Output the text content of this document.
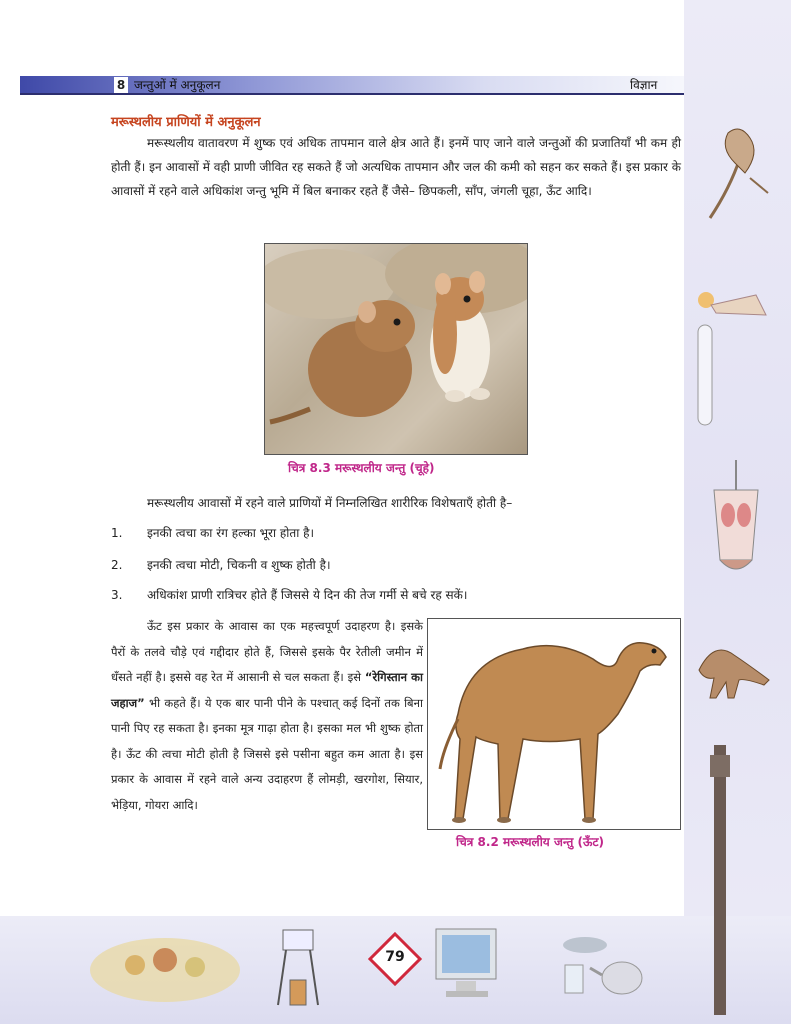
8 जन्तुओं में अनुकूलन	विज्ञान
मरूस्थलीय प्राणियों में अनुकूलन
मरूस्थलीय वातावरण में शुष्क एवं अधिक तापमान वाले क्षेत्र आते हैं। इनमें पाए जाने वाले जन्तुओं की प्रजातियाँ भी कम ही होती हैं। इन आवासों में वही प्राणी जीवित रह सकते हैं जो अत्यधिक तापमान और जल की कमी को सहन कर सकते हैं। इस प्रकार के आवासों में रहने वाले अधिकांश जन्तु भूमि में बिल बनाकर रहते हैं जैसे– छिपकली, साँप, जंगली चूहा, ऊँट आदि।
चित्र 8.3 मरूस्थलीय जन्तु (चूहे)
मरूस्थलीय आवासों में रहने वाले प्राणियों में निम्नलिखित शारीरिक विशेषताएँ होती है–
1. इनकी त्वचा का रंग हल्का भूरा होता है।
2. इनकी त्वचा मोटी, चिकनी व शुष्क होती है।
3. अधिकांश प्राणी रात्रिचर होते हैं जिससे ये दिन की तेज गर्मी से बचे रह सकें।
ऊँट इस प्रकार के आवास का एक महत्त्वपूर्ण उदाहरण है। इसके पैरों के तलवे चौड़े एवं गद्दीदार होते हैं, जिससे इसके पैर रेतीली जमीन में धँसते नहीं है। इससे वह रेत में आसानी से चल सकता हैं। इसे “रेगिस्तान का जहाज” भी कहते हैं। ये एक बार पानी पीने के पश्चात् कई दिनों तक बिना पानी पिए रह सकता है। इनका मूत्र गाढ़ा होता है। इसका मल भी शुष्क होता है। ऊँट की त्वचा मोटी होती है जिससे इसे पसीना बहुत कम आता है। इस प्रकार के आवास में रहने वाले अन्य उदाहरण हैं लोमड़ी, खरगोश, सियार, भेड़िया, गोयरा आदि।
चित्र 8.2 मरूस्थलीय जन्तु (ऊँट)
79
